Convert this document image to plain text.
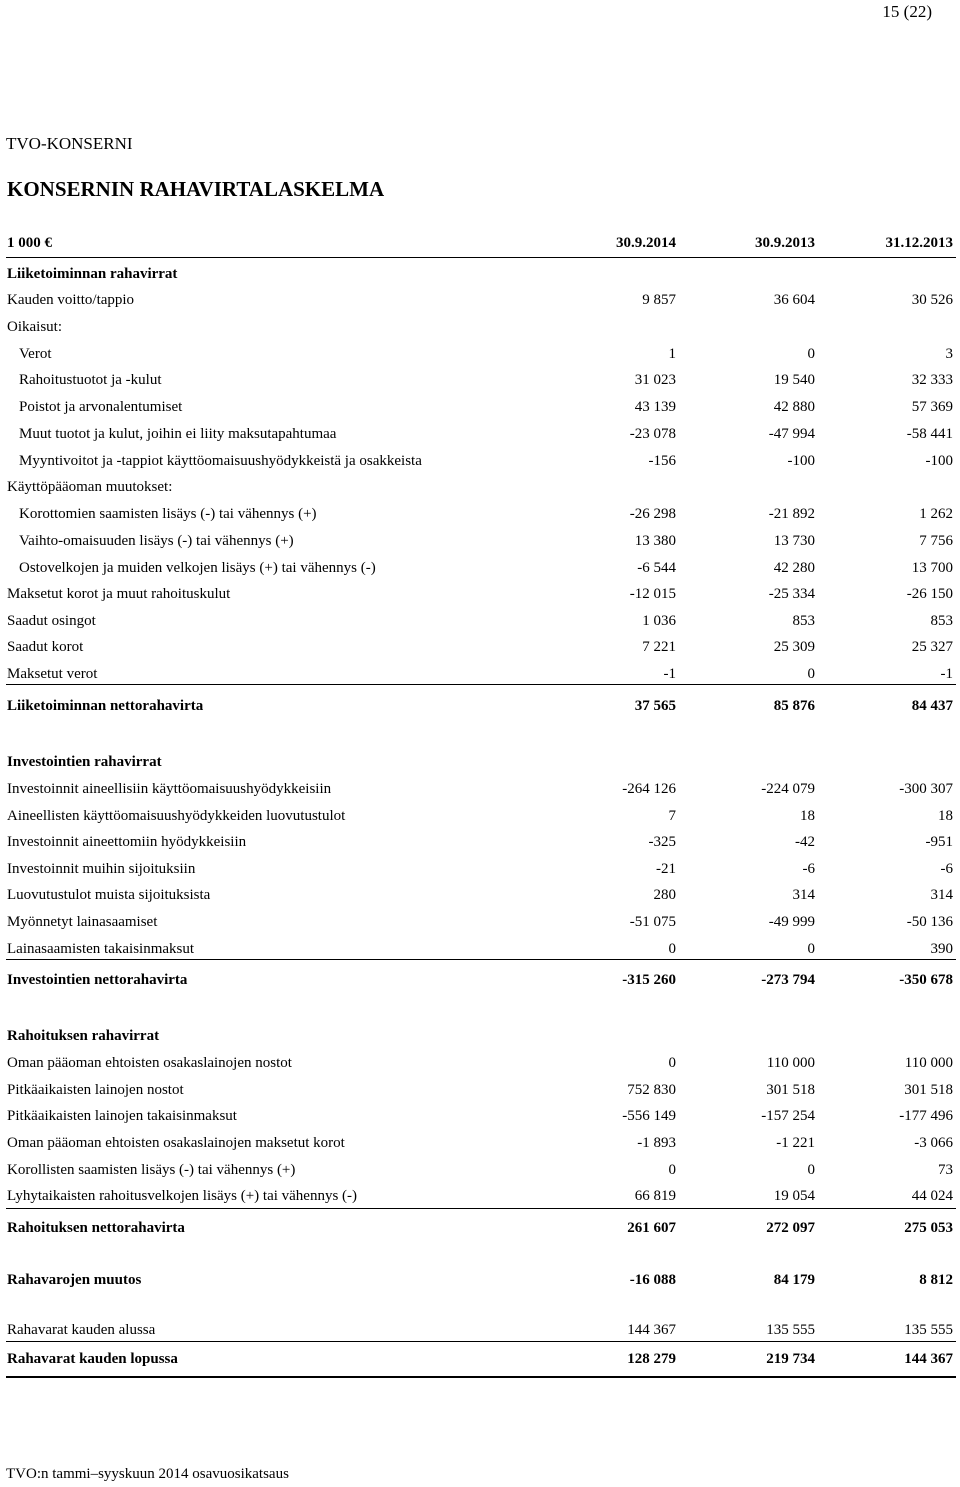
15 (22)
TVO-KONSERNI
KONSERNIN RAHAVIRTALASKELMA
1 000 €	30.9.2014	30.9.2013	31.12.2013
Liiketoiminnan rahavirrat
Kauden voitto/tappio	9 857	36 604	30 526
Oikaisut:
Verot	1	0	3
Rahoitustuotot ja -kulut	31 023	19 540	32 333
Poistot ja arvonalentumiset	43 139	42 880	57 369
Muut tuotot ja kulut, joihin ei liity maksutapahtumaa	-23 078	-47 994	-58 441
Myyntivoitot ja -tappiot käyttöomaisuushyödykkeistä ja osakkeista	-156	-100	-100
Käyttöpääoman muutokset:
Korottomien saamisten lisäys (-) tai vähennys (+)	-26 298	-21 892	1 262
Vaihto-omaisuuden lisäys (-) tai vähennys (+)	13 380	13 730	7 756
Ostovelkojen ja muiden velkojen lisäys (+) tai vähennys (-)	-6 544	42 280	13 700
Maksetut korot ja muut rahoituskulut	-12 015	-25 334	-26 150
Saadut osingot	1 036	853	853
Saadut korot	7 221	25 309	25 327
Maksetut verot	-1	0	-1
Liiketoiminnan nettorahavirta	37 565	85 876	84 437
Investointien rahavirrat
Investoinnit aineellisiin käyttöomaisuushyödykkeisiin	-264 126	-224 079	-300 307
Aineellisten käyttöomaisuushyödykkeiden luovutustulot	7	18	18
Investoinnit aineettomiin hyödykkeisiin	-325	-42	-951
Investoinnit muihin sijoituksiin	-21	-6	-6
Luovutustulot muista sijoituksista	280	314	314
Myönnetyt lainasaamiset	-51 075	-49 999	-50 136
Lainasaamisten takaisinmaksut	0	0	390
Investointien nettorahavirta	-315 260	-273 794	-350 678
Rahoituksen rahavirrat
Oman pääoman ehtoisten osakaslainojen nostot	0	110 000	110 000
Pitkäaikaisten lainojen nostot	752 830	301 518	301 518
Pitkäaikaisten lainojen takaisinmaksut	-556 149	-157 254	-177 496
Oman pääoman ehtoisten osakaslainojen maksetut korot	-1 893	-1 221	-3 066
Korollisten saamisten lisäys (-) tai vähennys (+)	0	0	73
Lyhytaikaisten rahoitusvelkojen lisäys (+) tai vähennys (-)	66 819	19 054	44 024
Rahoituksen nettorahavirta	261 607	272 097	275 053
Rahavarojen muutos	-16 088	84 179	8 812
Rahavarat kauden alussa	144 367	135 555	135 555
Rahavarat kauden lopussa	128 279	219 734	144 367
TVO:n tammi–syyskuun 2014 osavuosikatsaus
